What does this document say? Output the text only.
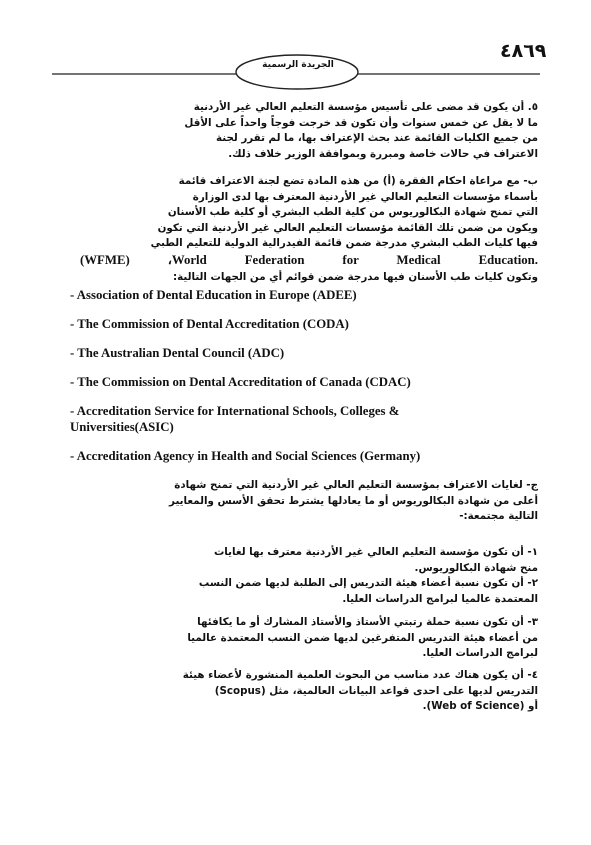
٤٨٦٩
الجريدة الرسمية
٥. أن يكون قد مضى على تأسيس مؤسسة التعليم العالي غير الأردنية
ما لا يقل عن خمس سنوات وأن تكون قد خرجت فوجاً واحداً على الأقل
من جميع الكليات القائمة عند بحث الإعتراف بها، ما لم تقرر لجنة
الاعتراف في حالات خاصة ومبررة وبموافقة الوزير خلاف ذلك.
ب- مع مراعاة احكام الفقرة (أ) من هذه المادة تضع لجنة الاعتراف قائمة
بأسماء مؤسسات التعليم العالي غير الأردنية المعترف بها لدى الوزارة
التي تمنح شهادة البكالوريوس من كلية الطب البشري أو كلية طب الأسنان
ويكون من ضمن تلك القائمة مؤسسات التعليم العالي غير الأردنية التي تكون
فيها كليات الطب البشري مدرجة ضمن قائمة الفيدرالية الدولية للتعليم الطبي
(WFME) ،World Federation for Medical Education.
وتكون كليات طب الأسنان فيها مدرجة ضمن قوائم أي من الجهات التالية:
- Association of Dental Education in Europe (ADEE)
- The Commission of Dental Accreditation (CODA)
- The Australian Dental Council (ADC)
- The Commission on Dental Accreditation of Canada (CDAC)
- Accreditation Service for International Schools, Colleges &
Universities(ASIC)
- Accreditation Agency in Health and Social Sciences (Germany)
ج- لغايات الاعتراف بمؤسسة التعليم العالي غير الأردنية التي تمنح شهادة
أعلى من شهادة البكالوريوس أو ما يعادلها يشترط تحقق الأسس والمعايير
التالية مجتمعة:-
١- أن تكون مؤسسة التعليم العالي غير الأردنية معترف بها لغايات
منح شهادة البكالوريوس.
٢- أن تكون نسبة أعضاء هيئة التدريس إلى الطلبة لديها ضمن النسب
المعتمدة عالميا لبرامج الدراسات العليا.
٣- أن تكون نسبة حملة رتبتي الأستاذ والأستاذ المشارك أو ما يكافئها
من أعضاء هيئة التدريس المتفرغين لديها ضمن النسب المعتمدة عالميا
لبرامج الدراسات العليا.
٤- أن يكون هناك عدد مناسب من البحوث العلمية المنشورة لأعضاء هيئة
التدريس لديها على احدى قواعد البيانات العالمية، مثل (Scopus)
أو (Web of Science).
